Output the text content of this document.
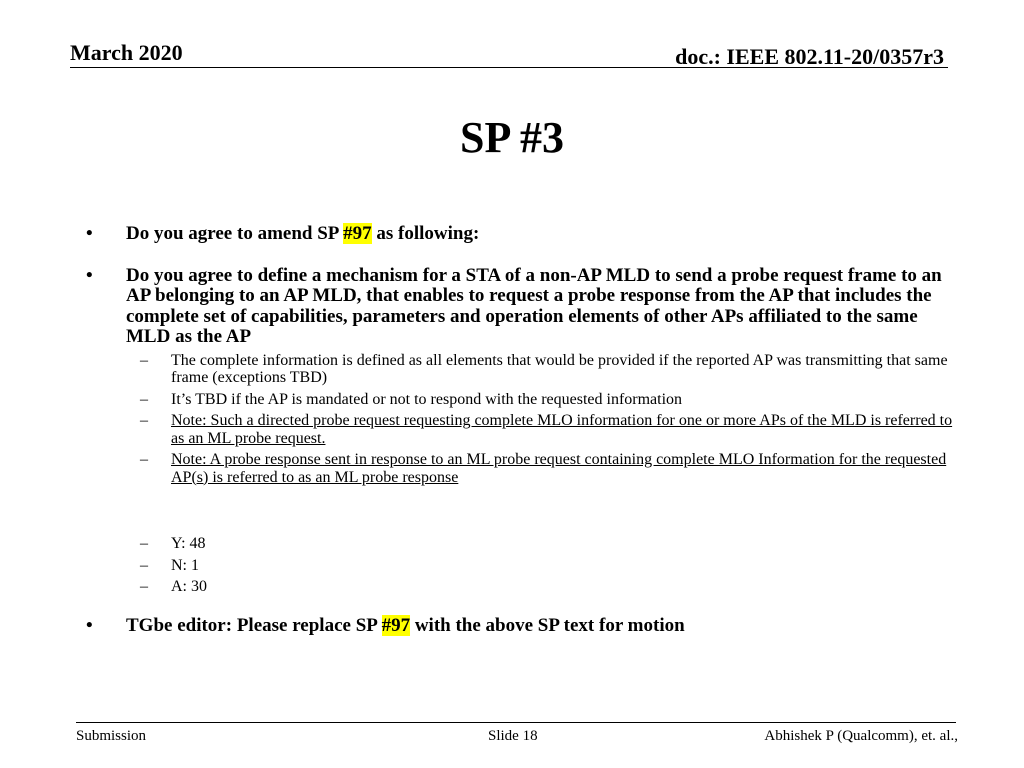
March 2020	doc.: IEEE 802.11-20/0357r3
SP #3
• Do you agree to amend SP #97 as following:
• Do you agree to define a mechanism for a STA of a non-AP MLD to send a probe request frame to an AP belonging to an AP MLD, that enables to request a probe response from the AP that includes the complete set of capabilities, parameters and operation elements of other APs affiliated to the same MLD as the AP
– The complete information is defined as all elements that would be provided if the reported AP was transmitting that same frame (exceptions TBD)
– It’s TBD if the AP is mandated or not to respond with the requested information
– Note: Such a directed probe request requesting complete MLO information for one or more APs of the MLD is referred to as an ML probe request.
– Note: A probe response sent in response to an ML probe request containing complete MLO Information for the requested AP(s) is referred to as an ML probe response
– Y: 48
– N: 1
– A: 30
• TGbe editor: Please replace SP #97 with the above SP text for motion
Submission	Slide 18	Abhishek P (Qualcomm), et. al.,
